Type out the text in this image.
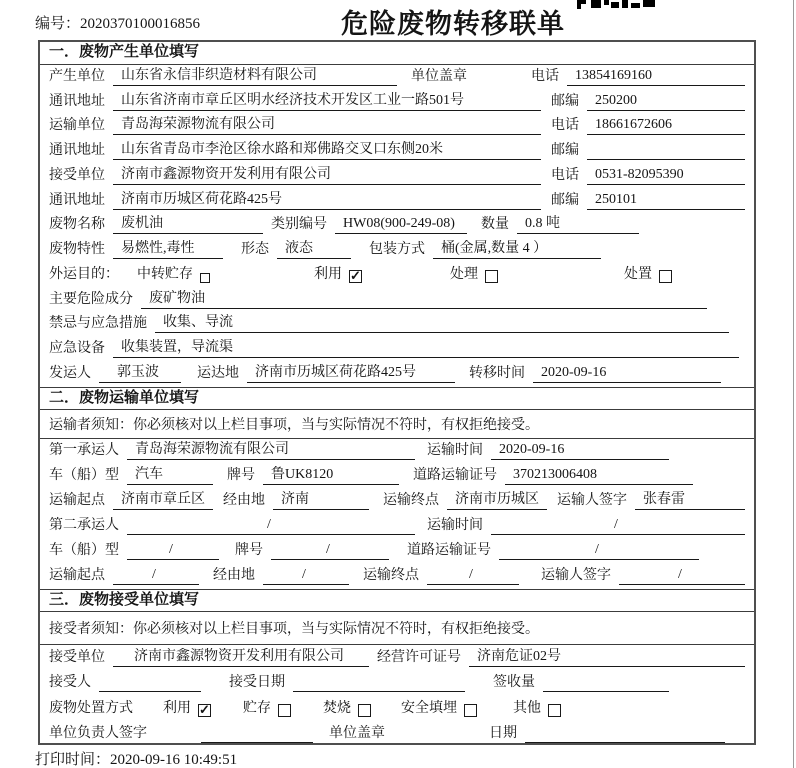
编号：2020370100016856	危险废物转移联单
一．废物产生单位填写
产生单位	山东省永信非织造材料有限公司	单位盖章	电话	13854169160
通讯地址	山东省济南市章丘区明水经济技术开发区工业一路501号	邮编	250200
运输单位	青岛海荣源物流有限公司	电话	18661672606
通讯地址	山东省青岛市李沧区徐水路和郑佛路交叉口东侧20米	邮编
接受单位	济南市鑫源物资开发利用有限公司	电话	0531-82095390
通讯地址	济南市历城区荷花路425号	邮编	250101
废物名称	废机油	类别编号	HW08(900-249-08)	数量	0.8 吨
废物特性	易燃性,毒性	形态	液态	包装方式	桶(金属,数量 4 ）
外运目的： 中转贮存	利用 ✓	处理	处置
主要危险成分	废矿物油
禁忌与应急措施	收集、导流
应急设备	收集装置，导流渠
发运人	郭玉波	运达地	济南市历城区荷花路425号	转移时间	2020-09-16
二．废物运输单位填写
运输者须知：你必须核对以上栏目事项，当与实际情况不符时，有权拒绝接受。
第一承运人	青岛海荣源物流有限公司	运输时间	2020-09-16
车（船）型	汽车	牌号	鲁UK8120	道路运输证号	370213006408
运输起点	济南市章丘区	经由地	济南	运输终点	济南市历城区	运输人签字	张春雷
第二承运人	/	运输时间	/
车（船）型	/	牌号	/	道路运输证号	/
运输起点	/	经由地	/	运输终点	/	运输人签字	/
三．废物接受单位填写
接受者须知：你必须核对以上栏目事项，当与实际情况不符时，有权拒绝接受。
接受单位	济南市鑫源物资开发利用有限公司	经营许可证号	济南危证02号
接受人	接受日期	签收量
废物处置方式 利用 ✓	贮存	焚烧	安全填埋	其他
单位负责人签字	单位盖章	日期
打印时间：2020-09-16 10:49:51
